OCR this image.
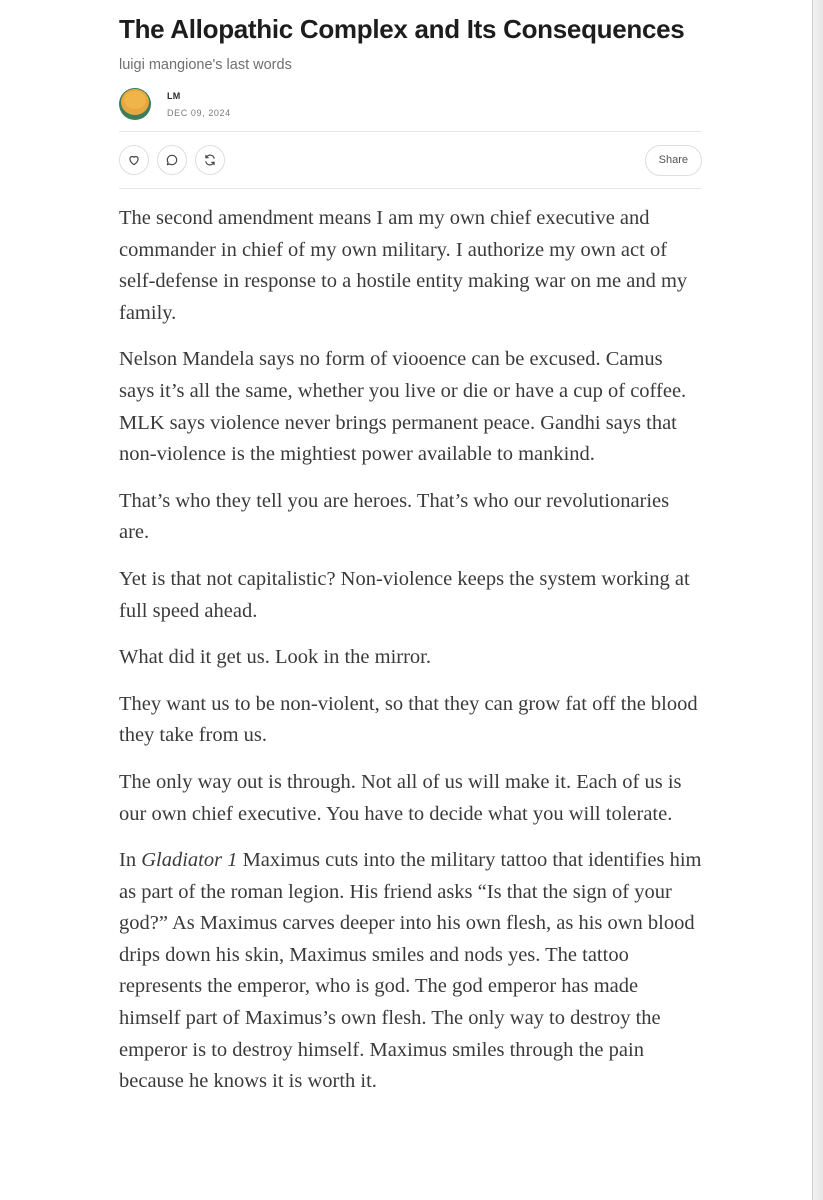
The Allopathic Complex and Its Consequences
luigi mangione's last words
LM
DEC 09, 2024
Share

The second amendment means I am my own chief executive and commander in chief of my own military. I authorize my own act of self-defense in response to a hostile entity making war on me and my family.

Nelson Mandela says no form of viooence can be excused. Camus says it’s all the same, whether you live or die or have a cup of coffee. MLK says violence never brings permanent peace. Gandhi says that non-violence is the mightiest power available to mankind.

That’s who they tell you are heroes. That’s who our revolutionaries are.

Yet is that not capitalistic? Non-violence keeps the system working at full speed ahead.

What did it get us. Look in the mirror.

They want us to be non-violent, so that they can grow fat off the blood they take from us.

The only way out is through. Not all of us will make it. Each of us is our own chief executive. You have to decide what you will tolerate.

In Gladiator 1 Maximus cuts into the military tattoo that identifies him as part of the roman legion. His friend asks “Is that the sign of your god?” As Maximus carves deeper into his own flesh, as his own blood drips down his skin, Maximus smiles and nods yes. The tattoo represents the emperor, who is god. The god emperor has made himself part of Maximus’s own flesh. The only way to destroy the emperor is to destroy himself. Maximus smiles through the pain because he knows it is worth it.
